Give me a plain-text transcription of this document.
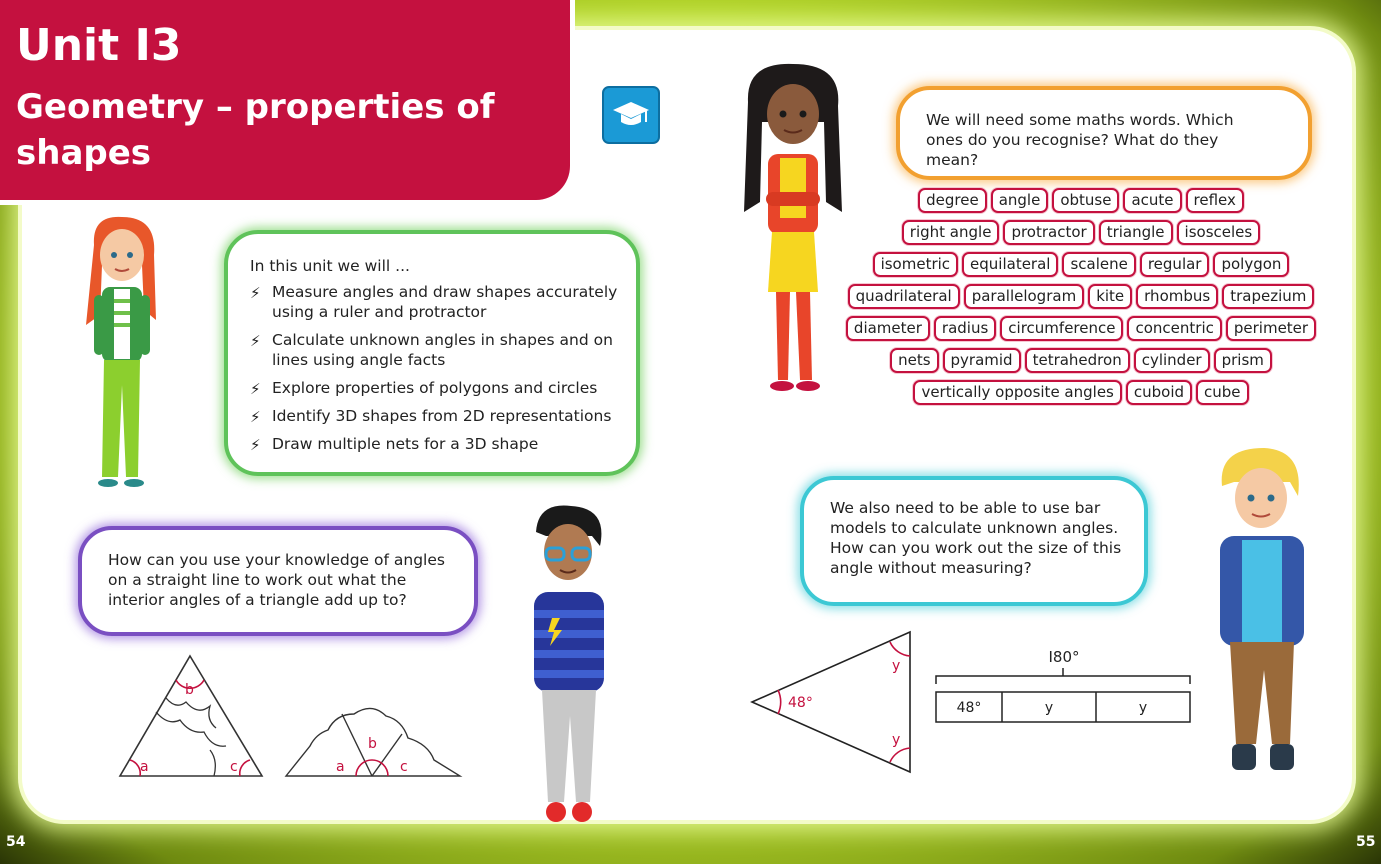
Unit I3
Geometry – properties of shapes
In this unit we will ...
⚡ Measure angles and draw shapes accurately using a ruler and protractor
⚡ Calculate unknown angles in shapes and on lines using angle facts
⚡ Explore properties of polygons and circles
⚡ Identify 3D shapes from 2D representations
⚡ Draw multiple nets for a 3D shape
We will need some maths words. Which ones do you recognise? What do they mean?
degree	angle	obtuse	acute	reflex
right angle	protractor	triangle	isosceles
isometric	equilateral	scalene	regular	polygon
quadrilateral	parallelogram	kite	rhombus	trapezium
diameter	radius	circumference	concentric	perimeter
nets	pyramid	tetrahedron	cylinder	prism
vertically opposite angles	cuboid	cube
How can you use your knowledge of angles on a straight line to work out what the interior angles of a triangle add up to?
We also need to be able to use bar models to calculate unknown angles. How can you work out the size of this angle without measuring?
a
b
c	a
b
c
48°
y
y
I80°
48°	y	y
54	55
